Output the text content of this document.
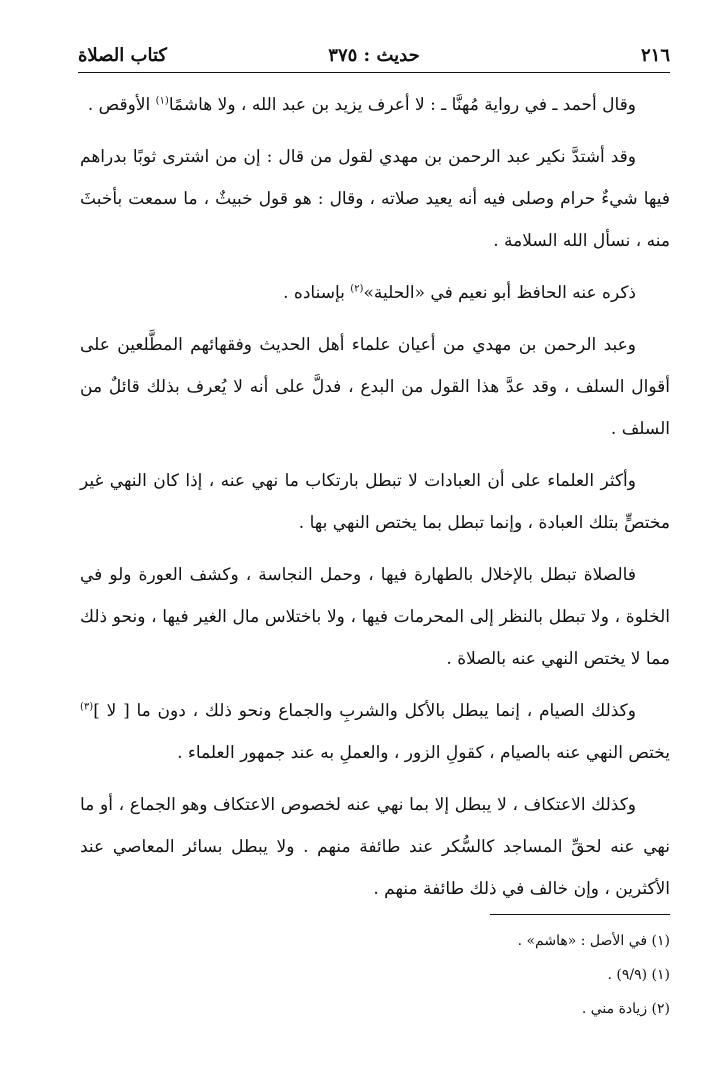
٢١٦
حديث : ٣٧٥
كتاب الصلاة

وقال أحمد ـ في رواية مُهنَّا ـ : لا أعرف يزيد بن عبد الله ، ولا هاشمًا$^{(١)}$ الأوقص .

وقد أشتدَّ نكير عبد الرحمن بن مهدي لقول من قال : إن من اشترى ثوبًا بدراهم فيها شيءٌ حرام وصلى فيه أنه يعيد صلاته ، وقال : هو قول خبيثٌ ، ما سمعت بأخبثَ منه ، نسأل الله السلامة .

ذكره عنه الحافظ أبو نعيم في «الحلية»$^{(٢)}$ بإسناده .

وعبد الرحمن بن مهدي من أعيان علماء أهل الحديث وفقهائهم المطَّلعين على أقوال السلف ، وقد عدَّ هذا القول من البدع ، فدلَّ على أنه لا يُعرف بذلك قائلٌ من السلف .

وأكثر العلماء على أن العبادات لا تبطل بارتكاب ما نهي عنه ، إذا كان النهي غير مختصٍّ بتلك العبادة ، وإنما تبطل بما يختص النهي بها .

فالصلاة تبطل بالإخلال بالطهارة فيها ، وحمل النجاسة ، وكشف العورة ولو في الخلوة ، ولا تبطل بالنظر إلى المحرمات فيها ، ولا باختلاس مال الغير فيها ، ونحو ذلك مما لا يختص النهي عنه بالصلاة .

وكذلك الصيام ، إنما يبطل بالأكل والشربِ والجماع ونحو ذلك ، دون ما [ لا ]$^{(٣)}$ يختص النهي عنه بالصيام ، كقولِ الزور ، والعملِ به عند جمهور العلماء .

وكذلك الاعتكاف ، لا يبطل إلا بما نهي عنه لخصوص الاعتكاف وهو الجماع ، أو ما نهي عنه لحقِّ المساجد كالسُّكر عند طائفة منهم . ولا يبطل بسائر المعاصي عند الأكثرين ، وإن خالف في ذلك طائفة منهم .

(١) في الأصل : «هاشم» .
(١) (٩/٩) .
(٢) زيادة مني .
